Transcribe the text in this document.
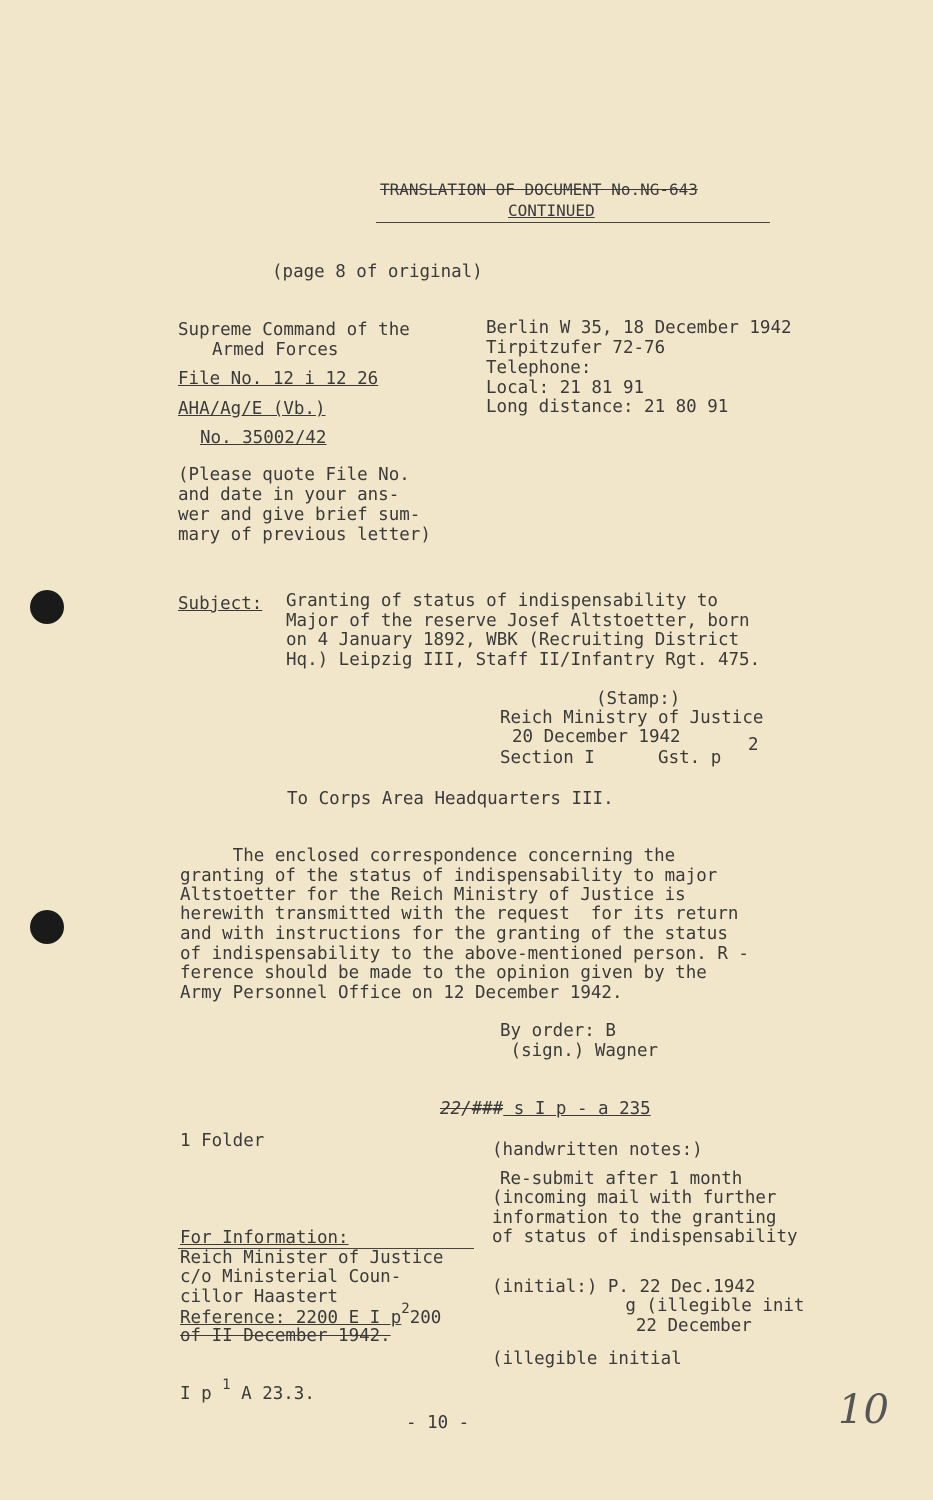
TRANSLATION OF DOCUMENT No.NG-643
CONTINUED
(page 8 of original)
Supreme Command of the
Armed Forces
File No. 12 i 12 26
AHA/Ag/E (Vb.)
No. 35002/42
(Please quote File No.
and date in your ans-
wer and give brief sum-
mary of previous letter)
Berlin W 35, 18 December 1942
Tirpitzufer 72-76
Telephone:
Local: 21 81 91
Long distance: 21 80 91
Subject: Granting of status of indispensability to
Major of the reserve Josef Altstoetter, born
on 4 January 1892, WBK (Recruiting District
Hq.) Leipzig III, Staff II/Infantry Rgt. 475.
(Stamp:)
Reich Ministry of Justice
20 December 1942
Section I      Gst. p
2
To Corps Area Headquarters III.
The enclosed correspondence concerning the
granting of the status of indispensability to major
Altstoetter for the Reich Ministry of Justice is
herewith transmitted with the request  for its return
and with instructions for the granting of the status
of indispensability to the above-mentioned person. R -
ference should be made to the opinion given by the
Army Personnel Office on 12 December 1942.
By order: B
(sign.) Wagner
22/### s I p - a 235
1 Folder	(handwritten notes:)
Re-submit after 1 month
(incoming mail with further
information to the granting
of status of indispensability
(initial:) P. 22 Dec.1942
g (illegible init
22 December
(illegible initial
For Information:
Reich Minister of Justice
c/o Ministerial Coun-
cillor Haastert
Reference: 2200 E I $p^2200$
of II December 1942.
I p $^1$ A 23.3.
- 10 -	10
